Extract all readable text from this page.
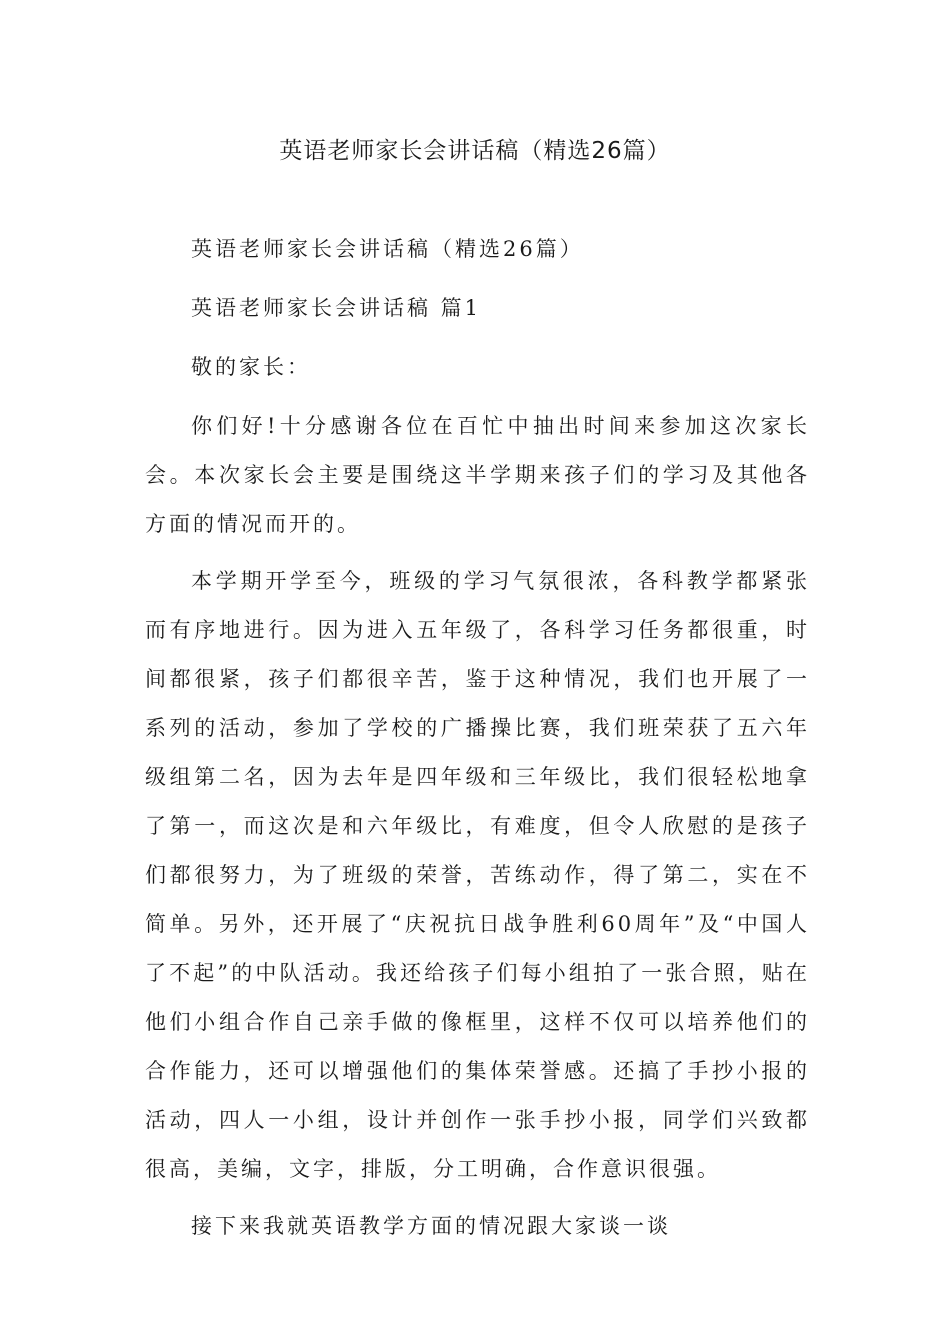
英语老师家长会讲话稿（精选26篇）

英语老师家长会讲话稿（精选26篇）

英语老师家长会讲话稿 篇1

敬的家长：

你们好!十分感谢各位在百忙中抽出时间来参加这次家长会。本次家长会主要是围绕这半学期来孩子们的学习及其他各方面的情况而开的。

本学期开学至今，班级的学习气氛很浓，各科教学都紧张而有序地进行。因为进入五年级了，各科学习任务都很重，时间都很紧，孩子们都很辛苦，鉴于这种情况，我们也开展了一系列的活动，参加了学校的广播操比赛，我们班荣获了五六年级组第二名，因为去年是四年级和三年级比，我们很轻松地拿了第一，而这次是和六年级比，有难度，但令人欣慰的是孩子们都很努力，为了班级的荣誉，苦练动作，得了第二，实在不简单。另外，还开展了“庆祝抗日战争胜利60周年”及“中国人了不起”的中队活动。我还给孩子们每小组拍了一张合照，贴在他们小组合作自己亲手做的像框里，这样不仅可以培养他们的合作能力，还可以增强他们的集体荣誉感。还搞了手抄小报的活动，四人一小组，设计并创作一张手抄小报，同学们兴致都很高，美编，文字，排版，分工明确，合作意识很强。

接下来我就英语教学方面的情况跟大家谈一谈
